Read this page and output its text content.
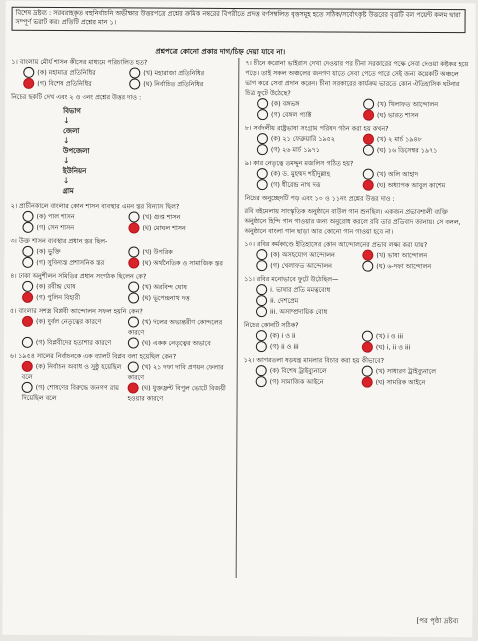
বিশেষ দ্রষ্টব্য : সরবরাহকৃত বহুনির্বাচনি অভীক্ষার উত্তরপত্রে প্রশ্নের ক্রমিক নম্বরের বিপরীতে প্রদত্ত বর্ণসম্বলিত বৃত্তসমূহ হতে সঠিক/সর্বোৎকৃষ্ট উত্তরের বৃত্তটি বল পয়েন্ট কলম দ্বারা সম্পূর্ণ ভরাট কর। প্রতিটি প্রশ্নের মান ১।
প্রশ্নপত্রে কোনো প্রকার দাগ/চিহ্ন দেয়া যাবে না।
১। বাংলায় মৌর্য শাসন কীসের মাধ্যমে পরিচালিত হত?
(ক) মহামাত্র প্রতিনিধির	(খ) মহারাজা প্রতিনিধির
(গ) বিশেষ প্রতিনিধির	(ঘ) নির্বাচিত প্রতিনিধির
নিচের ছকটি দেখ এবং ২ ও ৩নং প্রশ্নের উত্তর দাও :
বিভাগ
↓
জেলা
↓
উপজেলা
↓
ইউনিয়ন
↓
গ্রাম
২। প্রাচীনকালে বাংলার কোন শাসন ব্যবস্থার এমন স্তর বিন্যাস ছিল?
(ক) পাল শাসন	(খ) গুপ্ত শাসন
(গ) সেন শাসন	(ঘ) মোঘল শাসন
৩। উক্ত শাসন ব্যবস্থার প্রধান স্তর ছিল-
(ক) ভুক্তি	(খ) উপরিক
(গ) সুবিন্যস্ত প্রশাসনিক স্তর	(ঘ) অর্থনৈতিক ও সামাজিক স্তর
৪। ঢাকা অনুশীলন সমিতির প্রধান সংগঠক ছিলেন কে?
(ক) রবীন্দ্র ঘোষ	(খ) অরবিন্দ ঘোষ
(গ) পুলিন বিহারী	(ঘ) ভূপেন্দ্রনাথ দত্ত
৫। বাংলার সশস্ত্র বিপ্লবী আন্দোলন সফল হয়নি কেন?
(ক) দুর্বল নেতৃত্বের কারণে	(খ) দলের অভ্যন্তরীণ কোন্দলের কারণে
(গ) বিপ্লবীদের হতাশার কারণে	(ঘ) একক নেতৃত্বের অভাবে
৬। ১৯৫৪ সালের নির্বাচনকে এক ব্যালট বিপ্লব বলা হয়েছিল কেন?
(ক) নির্বাচন অবাধ ও সুষ্ঠু হয়েছিল বলে
(খ) ২১ দফা দাবি প্রণয়ন ফেলার কারণে
(গ) শোষণের বিরুদ্ধে জনগণ রায় দিয়েছিল বলে
(ঘ) যুক্তফ্রন্ট বিপুল ভোটে বিজয়ী হওয়ার কারণে
৭। চীনে করোনা ভাইরাস দেখা দেওয়ার পর চীনা সরকারের পক্ষে সেবা দেওয়া কষ্টকর হয়ে পড়ে। তাই সকল অঞ্চলের জনগণ যাতে সেবা পেতে পারে সেই জন্য কয়েকটি অঞ্চলে ভাগ করে সেবা প্রদান করেন। চীনা সরকারের কার্যক্রম ভারতে কোন ঐতিহাসিক ঘটনার চিত্র ফুটে উঠেছে?
(ক) বঙ্গভঙ্গ	(খ) খিলাফত আন্দোলন
(গ) বেঙ্গল প্যাক্ট	(ঘ) ভারত শাসন
৮। সর্বদলীয় রাষ্ট্রভাষা সংগ্রাম পরিষদ গঠন করা হয় কখন?
(ক) ২১ ফেব্রুয়ারি ১৯৫২	(খ) ২ মার্চ ১৯৪৮
(গ) ২৬ মার্চ ১৯৭১	(ঘ) ১৬ ডিসেম্বর ১৯৭১
৯। কার নেতৃত্বে তমদ্দুন মজলিস গঠিত হয়?
(ক) ড. মুহম্মদ শহীদুল্লাহ	(খ) অলি আহাদ
(গ) ধীরেন্দ্র নাথ দত্ত	(ঘ) অধ্যাপক আবুল কাশেম
নিচের অনুচ্ছেদটি পড় এবং ১০ ও ১১নং প্রশ্নের উত্তর দাও :
রবি বইমেলায় সাংস্কৃতিক অনুষ্ঠানে বাউল গান শুনছিল। একজন প্রভাবশালী ব্যক্তি অনুষ্ঠানে হিন্দি গান গাওয়ার জন্য অনুরোধ করলে রবি তার প্রতিবাদ জানায়। সে বলল, অনুষ্ঠানে বাংলা গান ছাড়া আর কোনো গান গাওয়া হবে না।
১০। রবির কর্মকাণ্ডে ইতিহাসের কোন আন্দোলনের প্রভাব লক্ষ্য করা যায়?
(ক) অসহযোগ আন্দোলন	(খ) ভাষা আন্দোলন
(গ) খেলাফত আন্দোলন	(ঘ) ৬-দফা আন্দোলন
১১। রবির মনোভাবে ফুটে উঠেছিল—
i. ভাষার প্রতি মমত্ববোধ
ii. দেশপ্রেম
iii. অসাম্প্রদায়িক বোধ
নিচের কোনটি সঠিক?
(ক) i ও ii	(খ) i ও iii
(গ) ii ও iii	(ঘ) i, ii ও iii
১২। আগরতলা ষড়যন্ত্র মামলার বিচার করা হয় কীভাবে?
(ক) বিশেষ ট্রাইব্যুনালে	(খ) সাধারণ ট্রাইব্যুনালে
(গ) সামাজিক আইনে	(ঘ) সামরিক আইনে
[পর পৃষ্ঠা দ্রষ্টব্য
